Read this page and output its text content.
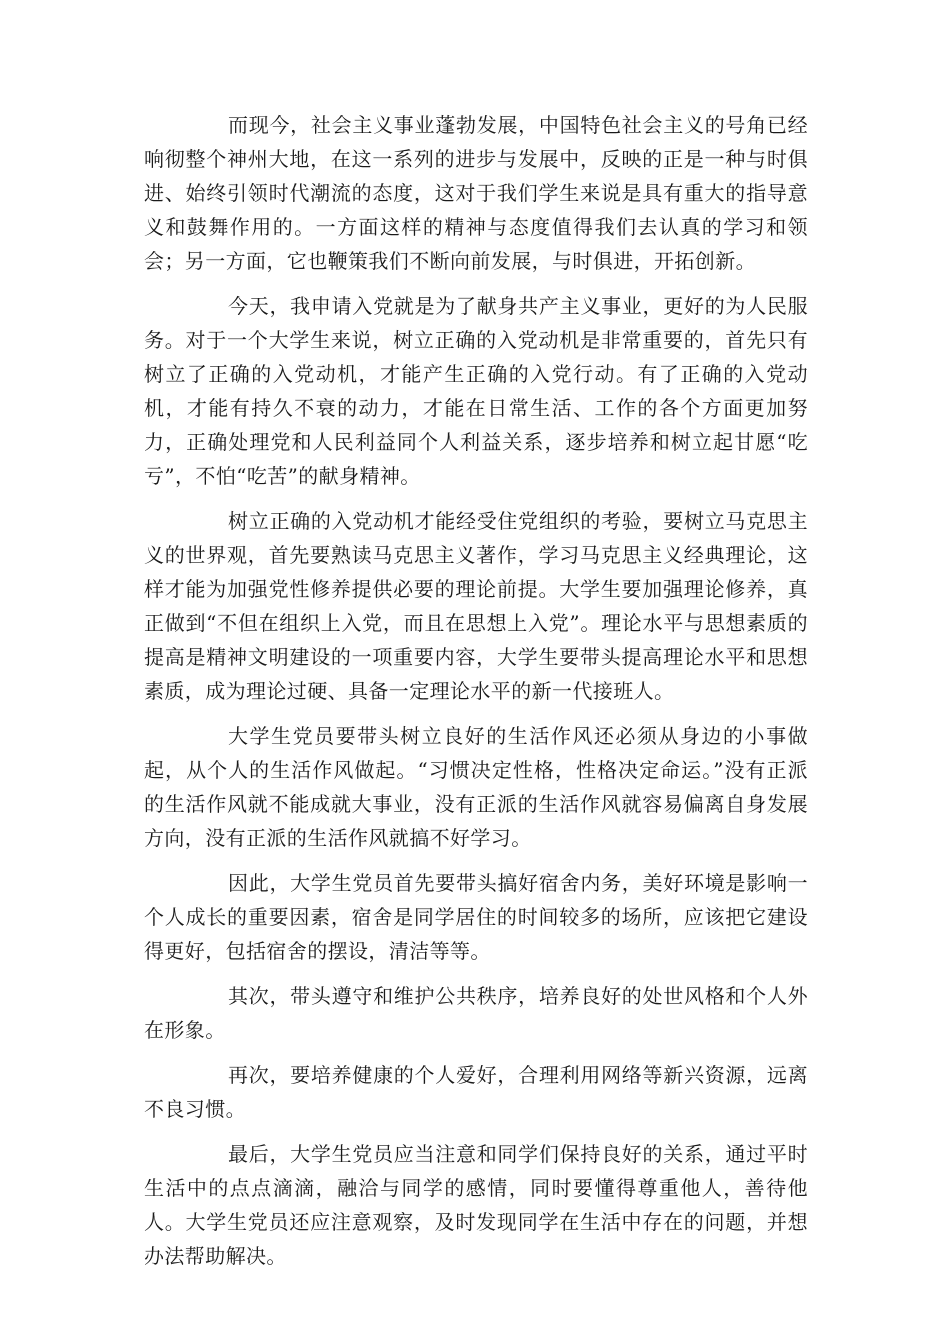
而现今，社会主义事业蓬勃发展，中国特色社会主义的号角已经响彻整个神州大地，在这一系列的进步与发展中，反映的正是一种与时俱进、始终引领时代潮流的态度，这对于我们学生来说是具有重大的指导意义和鼓舞作用的。一方面这样的精神与态度值得我们去认真的学习和领会；另一方面，它也鞭策我们不断向前发展，与时俱进，开拓创新。

今天，我申请入党就是为了献身共产主义事业，更好的为人民服务。对于一个大学生来说，树立正确的入党动机是非常重要的，首先只有树立了正确的入党动机，才能产生正确的入党行动。有了正确的入党动机，才能有持久不衰的动力，才能在日常生活、工作的各个方面更加努力，正确处理党和人民利益同个人利益关系，逐步培养和树立起甘愿“吃亏”，不怕“吃苦”的献身精神。

树立正确的入党动机才能经受住党组织的考验，要树立马克思主义的世界观，首先要熟读马克思主义著作，学习马克思主义经典理论，这样才能为加强党性修养提供必要的理论前提。大学生要加强理论修养，真正做到“不但在组织上入党，而且在思想上入党”。理论水平与思想素质的提高是精神文明建设的一项重要内容，大学生要带头提高理论水平和思想素质，成为理论过硬、具备一定理论水平的新一代接班人。

大学生党员要带头树立良好的生活作风还必须从身边的小事做起，从个人的生活作风做起。“习惯决定性格，性格决定命运。”没有正派的生活作风就不能成就大事业，没有正派的生活作风就容易偏离自身发展方向，没有正派的生活作风就搞不好学习。

因此，大学生党员首先要带头搞好宿舍内务，美好环境是影响一个人成长的重要因素，宿舍是同学居住的时间较多的场所，应该把它建设得更好，包括宿舍的摆设，清洁等等。

其次，带头遵守和维护公共秩序，培养良好的处世风格和个人外在形象。

再次，要培养健康的个人爱好，合理利用网络等新兴资源，远离不良习惯。

最后，大学生党员应当注意和同学们保持良好的关系，通过平时生活中的点点滴滴，融洽与同学的感情，同时要懂得尊重他人，善待他人。大学生党员还应注意观察，及时发现同学在生活中存在的问题，并想办法帮助解决。
